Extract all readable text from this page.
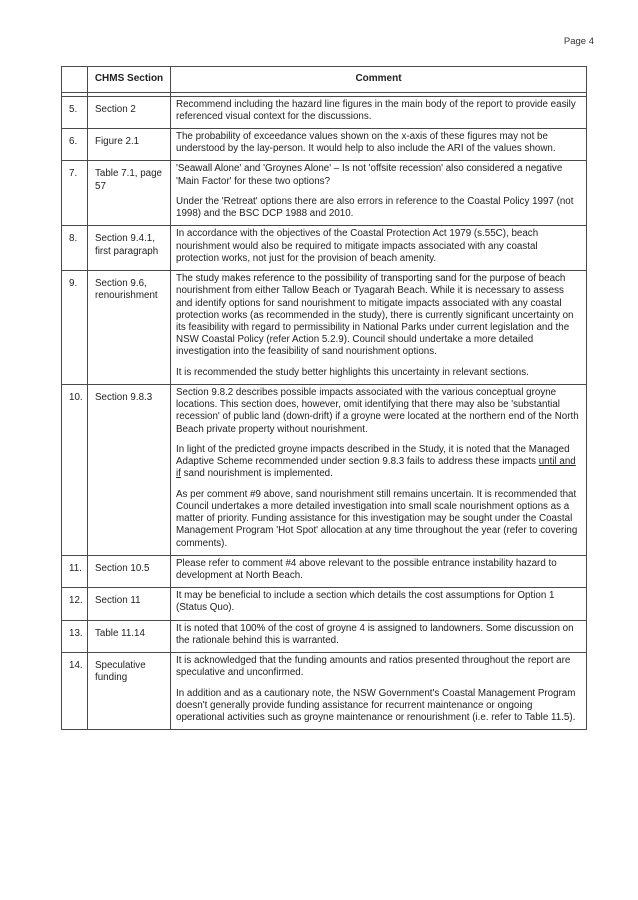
Page 4
	CHMS Section	Comment

5.	Section 2	Recommend including the hazard line figures in the main body of the report to provide easily referenced visual context for the discussions.

6.	Figure 2.1	The probability of exceedance values shown on the x-axis of these figures may not be understood by the lay-person. It would help to also include the ARI of the values shown.

7.	Table 7.1, page 57	'Seawall Alone' and 'Groynes Alone' – Is not 'offsite recession' also considered a negative 'Main Factor' for these two options?

Under the 'Retreat' options there are also errors in reference to the Coastal Policy 1997 (not 1998) and the BSC DCP 1988 and 2010.

8.	Section 9.4.1, first paragraph	In accordance with the objectives of the Coastal Protection Act 1979 (s.55C), beach nourishment would also be required to mitigate impacts associated with any coastal protection works, not just for the provision of beach amenity.

9.	Section 9.6, renourishment	The study makes reference to the possibility of transporting sand for the purpose of beach nourishment from either Tallow Beach or Tyagarah Beach. While it is necessary to assess and identify options for sand nourishment to mitigate impacts associated with any coastal protection works (as recommended in the study), there is currently significant uncertainty on its feasibility with regard to permissibility in National Parks under current legislation and the NSW Coastal Policy (refer Action 5.2.9). Council should undertake a more detailed investigation into the feasibility of sand nourishment options.

It is recommended the study better highlights this uncertainty in relevant sections.

10.	Section 9.8.3	Section 9.8.2 describes possible impacts associated with the various conceptual groyne locations. This section does, however, omit identifying that there may also be 'substantial recession' of public land (down-drift) if a groyne were located at the northern end of the North Beach private property without nourishment.

In light of the predicted groyne impacts described in the Study, it is noted that the Managed Adaptive Scheme recommended under section 9.8.3 fails to address these impacts until and if sand nourishment is implemented.

As per comment #9 above, sand nourishment still remains uncertain. It is recommended that Council undertakes a more detailed investigation into small scale nourishment options as a matter of priority. Funding assistance for this investigation may be sought under the Coastal Management Program 'Hot Spot' allocation at any time throughout the year (refer to covering comments).

11.	Section 10.5	Please refer to comment #4 above relevant to the possible entrance instability hazard to development at North Beach.

12.	Section 11	It may be beneficial to include a section which details the cost assumptions for Option 1 (Status Quo).

13.	Table 11.14	It is noted that 100% of the cost of groyne 4 is assigned to landowners. Some discussion on the rationale behind this is warranted.

14.	Speculative funding	It is acknowledged that the funding amounts and ratios presented throughout the report are speculative and unconfirmed.

In addition and as a cautionary note, the NSW Government's Coastal Management Program doesn't generally provide funding assistance for recurrent maintenance or ongoing operational activities such as groyne maintenance or renourishment (i.e. refer to Table 11.5).
